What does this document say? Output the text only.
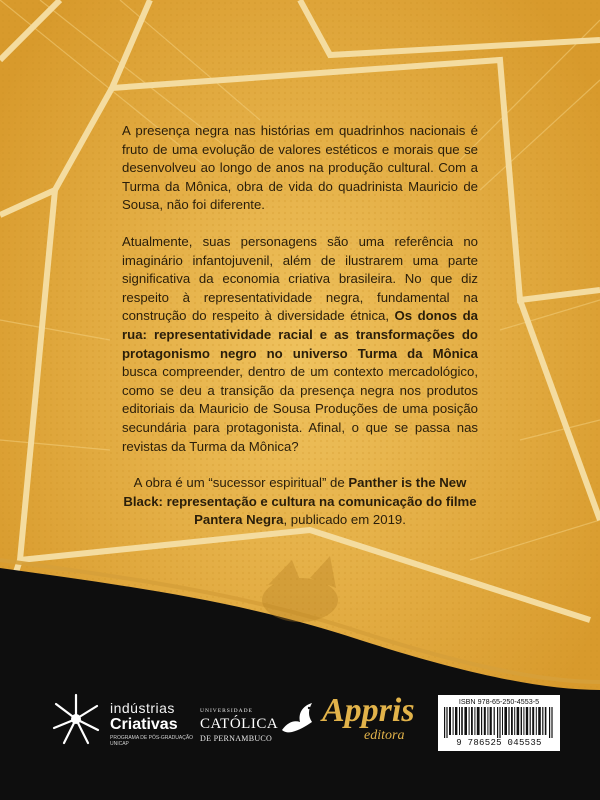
A presença negra nas histórias em quadrinhos nacionais é fruto de uma evolução de valores estéticos e morais que se desenvolveu ao longo de anos na produção cultural. Com a Turma da Mônica, obra de vida do quadrinista Mauricio de Sousa, não foi diferente.

Atualmente, suas personagens são uma referência no imaginário infantojuvenil, além de ilustrarem uma parte significativa da economia criativa brasileira. No que diz respeito à representatividade negra, fundamental na construção do respeito à diversidade étnica, Os donos da rua: representatividade racial e as transformações do protagonismo negro no universo Turma da Mônica busca compreender, dentro de um contexto mercadológico, como se deu a transição da presença negra nos produtos editoriais da Mauricio de Sousa Produções de uma posição secundária para protagonista. Afinal, o que se passa nas revistas da Turma da Mônica?

A obra é um “sucessor espiritual” de Panther is the New Black: representação e cultura na comunicação do filme Pantera Negra, publicado em 2019.

indústrias
Criativas
PROGRAMA DE PÓS-GRADUAÇÃO UNICAP
UNIVERSIDADE
CATÓLICA
DE PERNAMBUCO
Appris
editora
ISBN 978-65-250-4553-5
9 786525 045535
